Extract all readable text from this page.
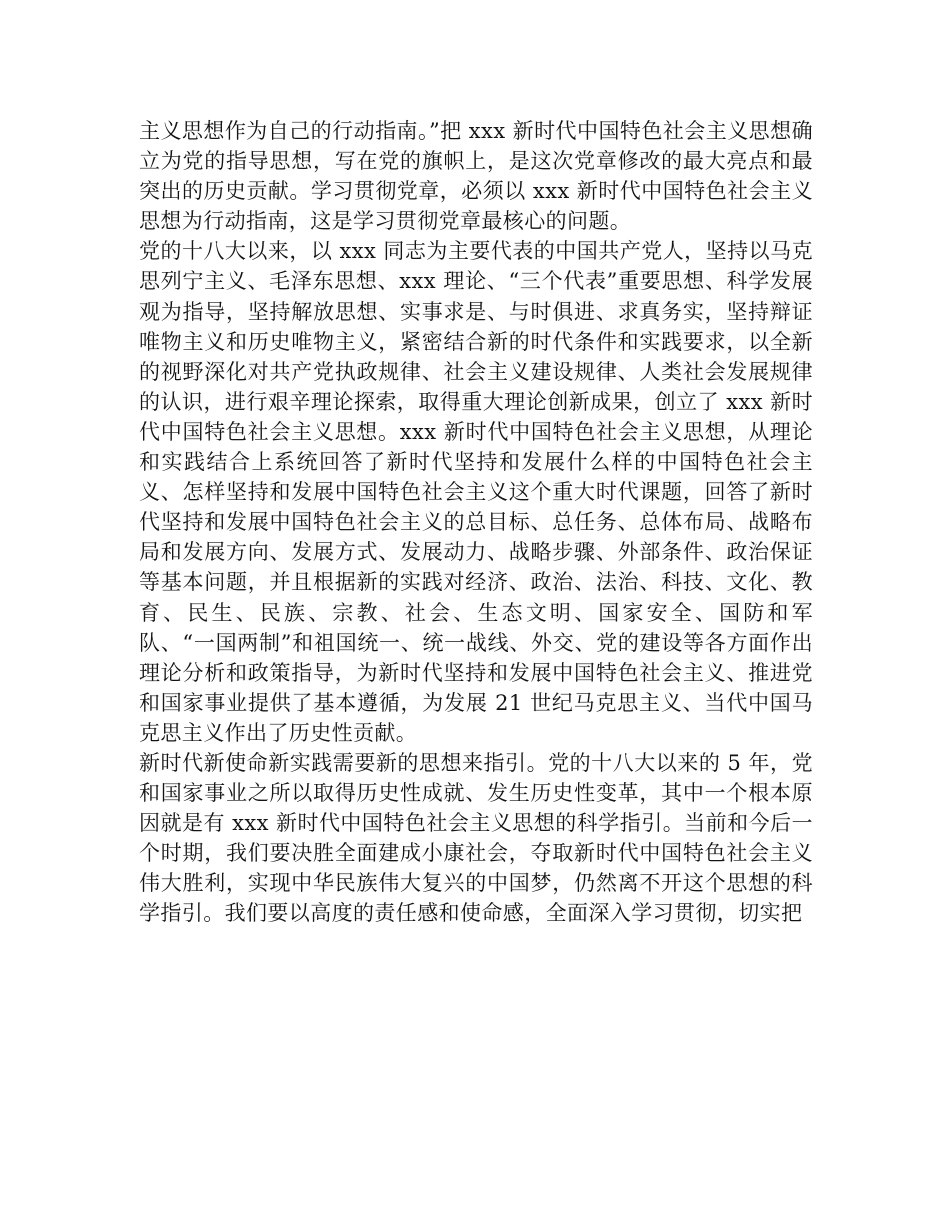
主义思想作为自己的行动指南。”把 xxx 新时代中国特色社会主义思想确立为党的指导思想，写在党的旗帜上，是这次党章修改的最大亮点和最突出的历史贡献。学习贯彻党章，必须以 xxx 新时代中国特色社会主义思想为行动指南，这是学习贯彻党章最核心的问题。

党的十八大以来，以 xxx 同志为主要代表的中国共产党人，坚持以马克思列宁主义、毛泽东思想、xxx 理论、“三个代表”重要思想、科学发展观为指导，坚持解放思想、实事求是、与时俱进、求真务实，坚持辩证唯物主义和历史唯物主义，紧密结合新的时代条件和实践要求，以全新的视野深化对共产党执政规律、社会主义建设规律、人类社会发展规律的认识，进行艰辛理论探索，取得重大理论创新成果，创立了 xxx 新时代中国特色社会主义思想。xxx 新时代中国特色社会主义思想，从理论和实践结合上系统回答了新时代坚持和发展什么样的中国特色社会主义、怎样坚持和发展中国特色社会主义这个重大时代课题，回答了新时代坚持和发展中国特色社会主义的总目标、总任务、总体布局、战略布局和发展方向、发展方式、发展动力、战略步骤、外部条件、政治保证等基本问题，并且根据新的实践对经济、政治、法治、科技、文化、教育、民生、民族、宗教、社会、生态文明、国家安全、国防和军队、“一国两制”和祖国统一、统一战线、外交、党的建设等各方面作出理论分析和政策指导，为新时代坚持和发展中国特色社会主义、推进党和国家事业提供了基本遵循，为发展 21 世纪马克思主义、当代中国马克思主义作出了历史性贡献。

新时代新使命新实践需要新的思想来指引。党的十八大以来的 5 年，党和国家事业之所以取得历史性成就、发生历史性变革，其中一个根本原因就是有 xxx 新时代中国特色社会主义思想的科学指引。当前和今后一个时期，我们要决胜全面建成小康社会，夺取新时代中国特色社会主义伟大胜利，实现中华民族伟大复兴的中国梦，仍然离不开这个思想的科学指引。我们要以高度的责任感和使命感，全面深入学习贯彻，切实把
